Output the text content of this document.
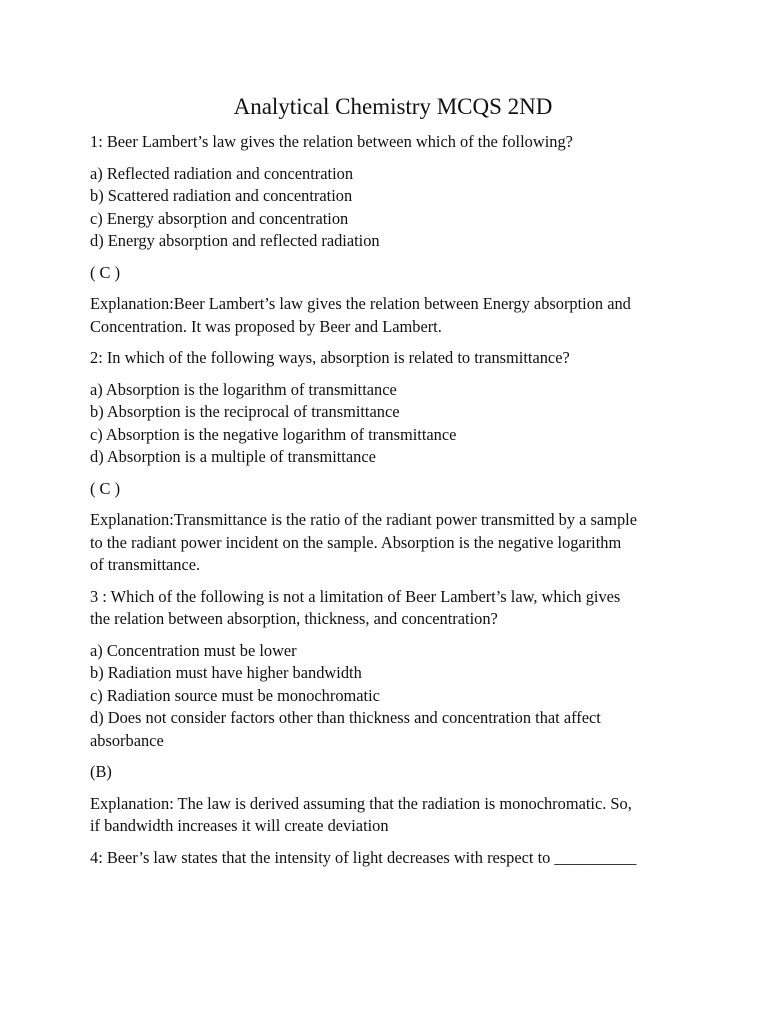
Analytical Chemistry MCQS 2ND
1: Beer Lambert’s law gives the relation between which of the following?
a) Reflected radiation and concentration
b) Scattered radiation and concentration
c) Energy absorption and concentration
d) Energy absorption and reflected radiation
( C )
Explanation:Beer Lambert’s law gives the relation between Energy absorption and
Concentration. It was proposed by Beer and Lambert.
2: In which of the following ways, absorption is related to transmittance?
a) Absorption is the logarithm of transmittance
b) Absorption is the reciprocal of transmittance
c) Absorption is the negative logarithm of transmittance
d) Absorption is a multiple of transmittance
( C )
Explanation:Transmittance is the ratio of the radiant power transmitted by a sample
to the radiant power incident on the sample. Absorption is the negative logarithm
of transmittance.
3 : Which of the following is not a limitation of Beer Lambert’s law, which gives
the relation between absorption, thickness, and concentration?
a) Concentration must be lower
b) Radiation must have higher bandwidth
c) Radiation source must be monochromatic
d) Does not consider factors other than thickness and concentration that affect
absorbance
(B)
Explanation: The law is derived assuming that the radiation is monochromatic. So,
if bandwidth increases it will create deviation
4: Beer’s law states that the intensity of light decreases with respect to __________
